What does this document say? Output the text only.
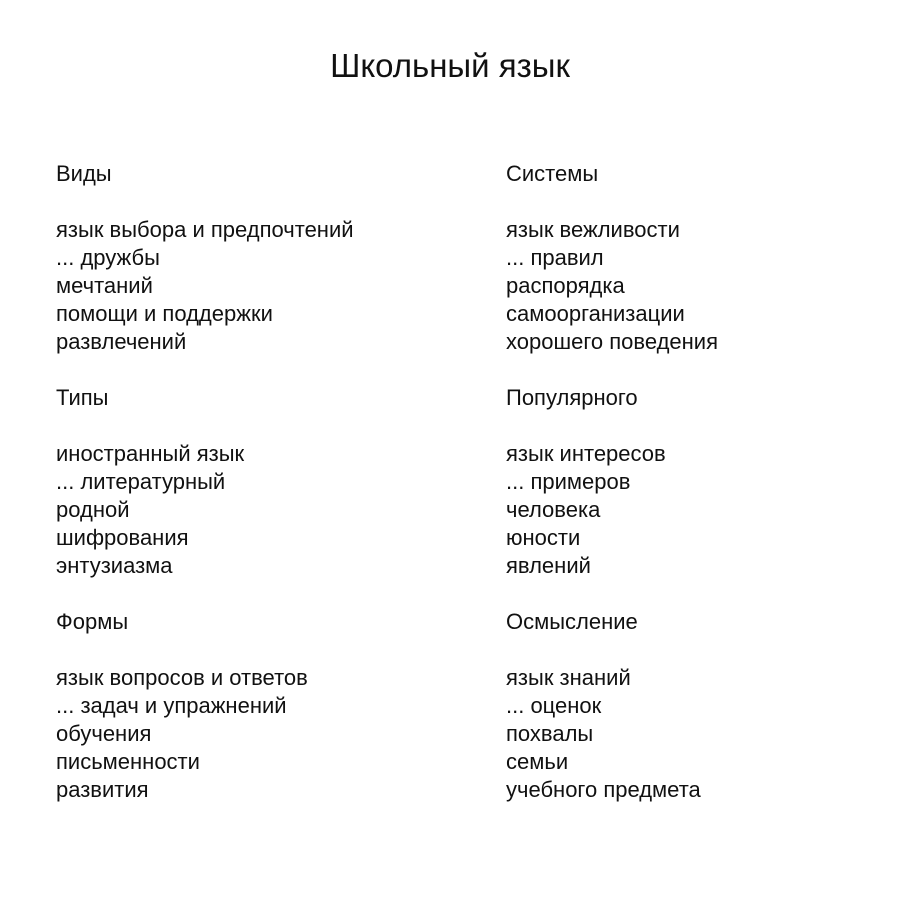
Школьный язык
Виды
язык выбора и предпочтений
... дружбы
мечтаний
помощи и поддержки
развлечений
Типы
иностранный язык
... литературный
родной
шифрования
энтузиазма
Формы
язык вопросов и ответов
... задач и упражнений
обучения
письменности
развития
Системы
язык вежливости
... правил
распорядка
самоорганизации
хорошего поведения
Популярного
язык интересов
... примеров
человека
юности
явлений
Осмысление
язык знаний
... оценок
похвалы
семьи
учебного предмета
